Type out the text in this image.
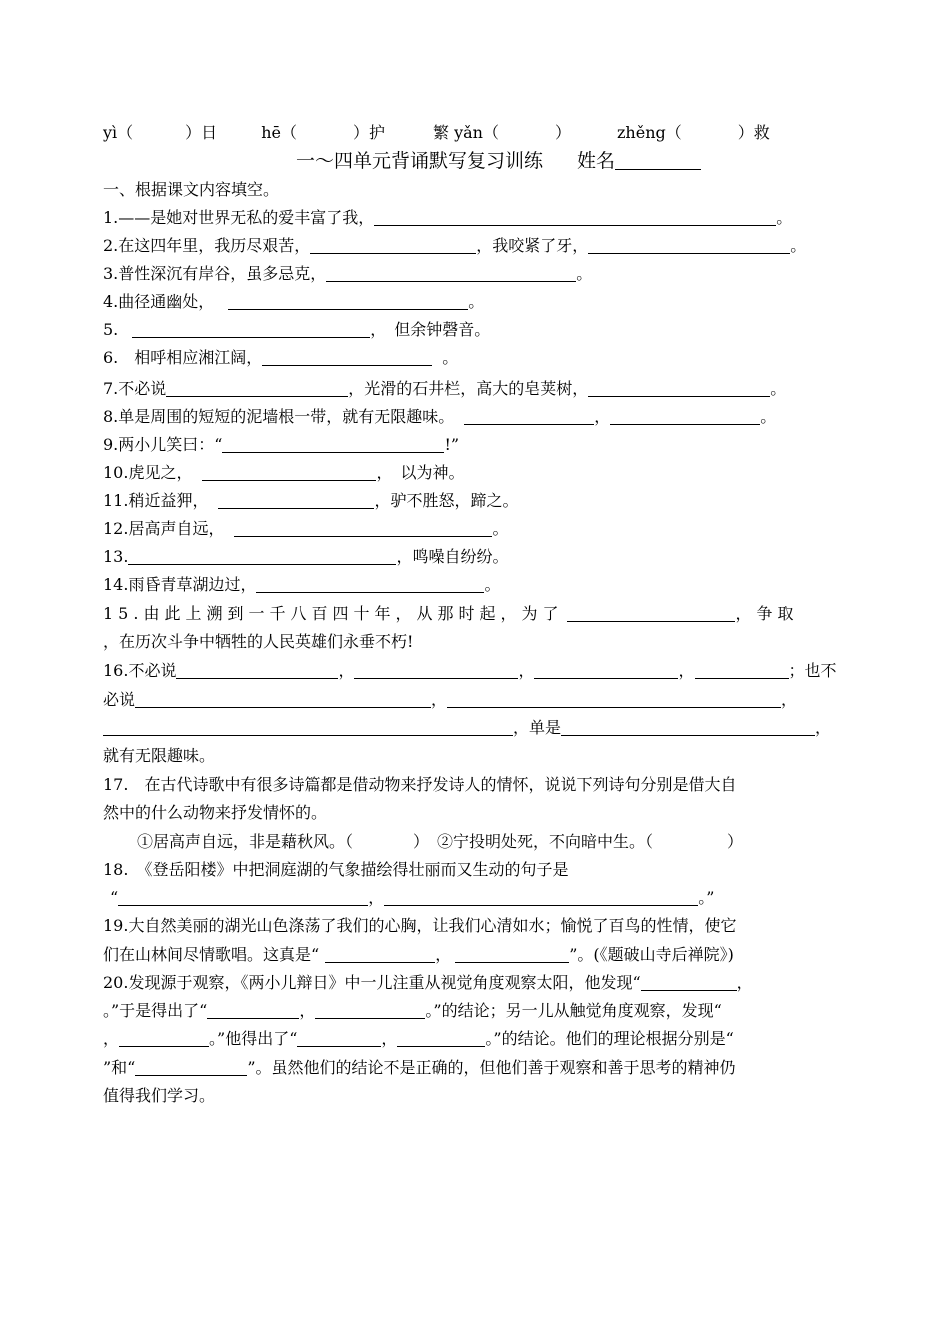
yì（	）日	hē（	）护	繁 yǎn（	）	zhěng（	）救
一～四单元背诵默写复习训练 姓名
一、根据课文内容填空。
1.——是她对世界无私的爱丰富了我，	。
2.在这四年里，我历尽艰苦，	，我咬紧了牙，	。
3.普性深沉有岸谷，虽多忌克，	。
4.曲径通幽处，	。
5.	，　但余钟磬音。
6.　相呼相应湘江阔，	。
7.不必说	，光滑的石井栏，高大的皂荚树，	。
8.单是周围的短短的泥墙根一带，就有无限趣味。	，	。
9.两小儿笑曰：“	!”
10.虎见之，	，　以为神。
11.稍近益狎，	，驴不胜怒，蹄之。
12.居高声自远，	。
13.	，鸣噪自纷纷。
14.雨昏青草湖边过，	。
15.由此上溯到一千八百四十年，从那时起，为了	，争取
，在历次斗争中牺牲的人民英雄们永垂不朽!
16.不必说	，	，	，	；也不
必说	，	，
，单是	，
就有无限趣味。
17.　在古代诗歌中有很多诗篇都是借动物来抒发诗人的情怀，说说下列诗句分别是借大自
然中的什么动物来抒发情怀的。
①居高声自远，非是藉秋风。（	）　②宁投明处死，不向暗中生。（	）
18.　《登岳阳楼》中把洞庭湖的气象描绘得壮丽而又生动的句子是
“	，	。”
19.大自然美丽的湖光山色涤荡了我们的心胸，让我们心清如水；愉悦了百鸟的性情，使它
们在山林间尽情歌唱。这真是“	，	”。(《题破山寺后禅院》)
20.发现源于观察，《两小儿辩日》中一儿注重从视觉角度观察太阳，他发现“	，
。”于是得出了“	，	。”的结论；另一儿从触觉角度观察，发现“
，	。”他得出了“	，	。”的结论。他们的理论根据分别是“
”和“	”。虽然他们的结论不是正确的，但他们善于观察和善于思考的精神仍
值得我们学习。
